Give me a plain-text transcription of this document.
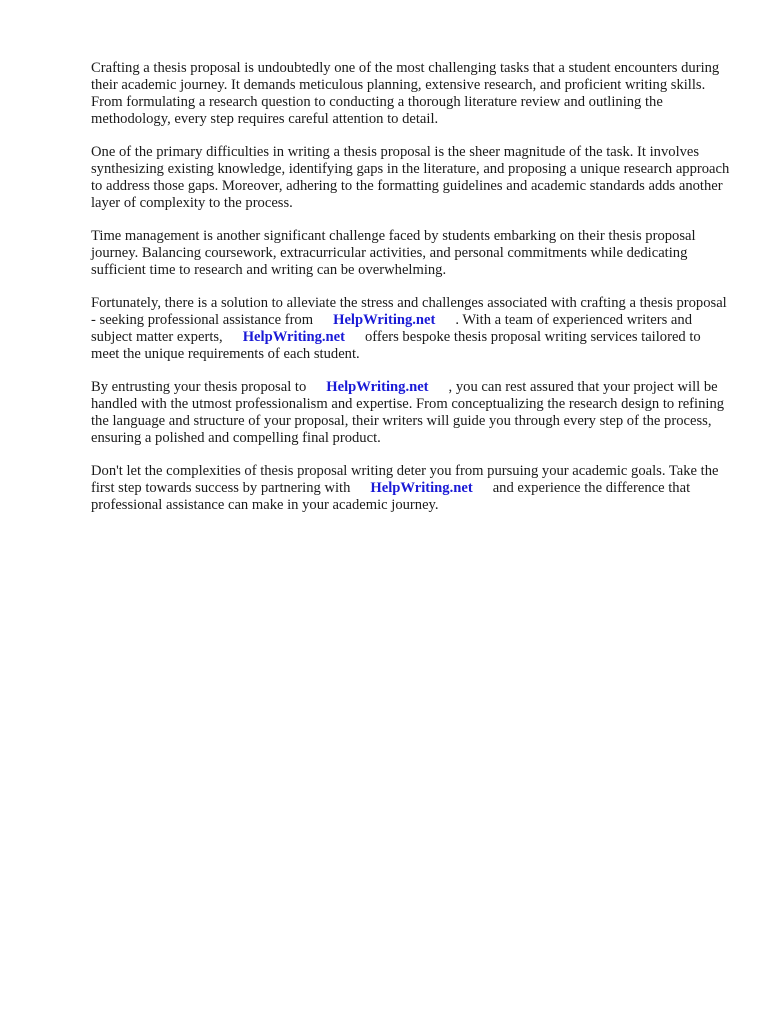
Crafting a thesis proposal is undoubtedly one of the most challenging tasks that a student encounters during their academic journey. It demands meticulous planning, extensive research, and proficient writing skills. From formulating a research question to conducting a thorough literature review and outlining the methodology, every step requires careful attention to detail.

One of the primary difficulties in writing a thesis proposal is the sheer magnitude of the task. It involves synthesizing existing knowledge, identifying gaps in the literature, and proposing a unique research approach to address those gaps. Moreover, adhering to the formatting guidelines and academic standards adds another layer of complexity to the process.

Time management is another significant challenge faced by students embarking on their thesis proposal journey. Balancing coursework, extracurricular activities, and personal commitments while dedicating sufficient time to research and writing can be overwhelming.

Fortunately, there is a solution to alleviate the stress and challenges associated with crafting a thesis proposal - seeking professional assistance from HelpWriting.net . With a team of experienced writers and subject matter experts, HelpWriting.net offers bespoke thesis proposal writing services tailored to meet the unique requirements of each student.

By entrusting your thesis proposal to HelpWriting.net , you can rest assured that your project will be handled with the utmost professionalism and expertise. From conceptualizing the research design to refining the language and structure of your proposal, their writers will guide you through every step of the process, ensuring a polished and compelling final product.

Don't let the complexities of thesis proposal writing deter you from pursuing your academic goals. Take the first step towards success by partnering with HelpWriting.net and experience the difference that professional assistance can make in your academic journey.
